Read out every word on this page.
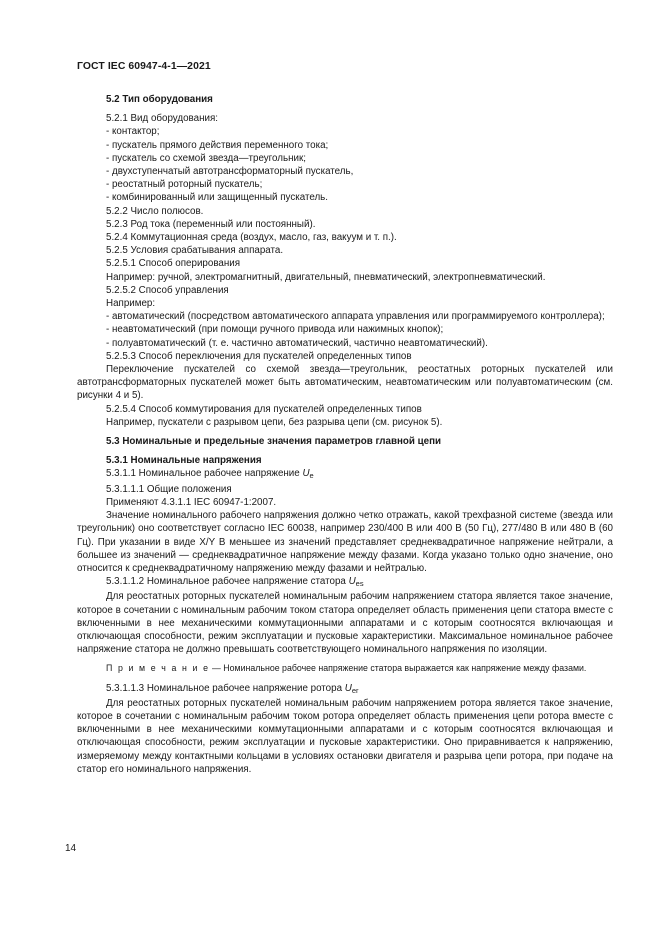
ГОСТ IEC 60947-4-1—2021

5.2 Тип оборудования

5.2.1 Вид оборудования:

- контактор;

- пускатель прямого действия переменного тока;

- пускатель со схемой звезда—треугольник;

- двухступенчатый автотрансформаторный пускатель,

- реостатный роторный пускатель;

- комбинированный или защищенный пускатель.

5.2.2 Число полюсов.

5.2.3 Род тока (переменный или постоянный).

5.2.4 Коммутационная среда (воздух, масло, газ, вакуум и т. п.).

5.2.5 Условия срабатывания аппарата.

5.2.5.1 Способ оперирования

Например: ручной, электромагнитный, двигательный, пневматический, электропневматический.

5.2.5.2 Способ управления

Например:

- автоматический (посредством автоматического аппарата управления или программируемого контроллера);

- неавтоматический (при помощи ручного привода или нажимных кнопок);

- полуавтоматический (т. е. частично автоматический, частично неавтоматический).

5.2.5.3 Способ переключения для пускателей определенных типов

Переключение пускателей со схемой звезда—треугольник, реостатных роторных пускателей или автотрансформаторных пускателей может быть автоматическим, неавтоматическим или полуавтоматическим (см. рисунки 4 и 5).

5.2.5.4 Способ коммутирования для пускателей определенных типов

Например, пускатели с разрывом цепи, без разрыва цепи (см. рисунок 5).

5.3 Номинальные и предельные значения параметров главной цепи

5.3.1 Номинальные напряжения

5.3.1.1 Номинальное рабочее напряжение $U_e$

5.3.1.1.1 Общие положения

Применяют 4.3.1.1 IEC 60947-1:2007.

Значение номинального рабочего напряжения должно четко отражать, какой трехфазной системе (звезда или треугольник) оно соответствует согласно IEC 60038, например 230/400 В или 400 В (50 Гц), 277/480 В или 480 В (60 Гц). При указании в виде X/Y В меньшее из значений представляет среднеквадратичное напряжение нейтрали, а большее из значений — среднеквадратичное напряжение между фазами. Когда указано только одно значение, оно относится к среднеквадратичному напряжению между фазами и нейтралью.

5.3.1.1.2 Номинальное рабочее напряжение статора $U_{es}$

Для реостатных роторных пускателей номинальным рабочим напряжением статора является такое значение, которое в сочетании с номинальным рабочим током статора определяет область применения цепи статора вместе с включенными в нее механическими коммутационными аппаратами и с которым соотносятся включающая и отключающая способности, режим эксплуатации и пусковые характеристики. Максимальное номинальное рабочее напряжение статора не должно превышать соответствующего номинального напряжения по изоляции.

П р и м е ч а н и е — Номинальное рабочее напряжение статора выражается как напряжение между фазами.

5.3.1.1.3 Номинальное рабочее напряжение ротора $U_{er}$

Для реостатных роторных пускателей номинальным рабочим напряжением ротора является такое значение, которое в сочетании с номинальным рабочим током ротора определяет область применения цепи ротора вместе с включенными в нее механическими коммутационными аппаратами и с которым соотносятся включающая и отключающая способности, режим эксплуатации и пусковые характеристики. Оно приравнивается к напряжению, измеряемому между контактными кольцами в условиях остановки двигателя и разрыва цепи ротора, при подаче на статор его номинального напряжения.

14
